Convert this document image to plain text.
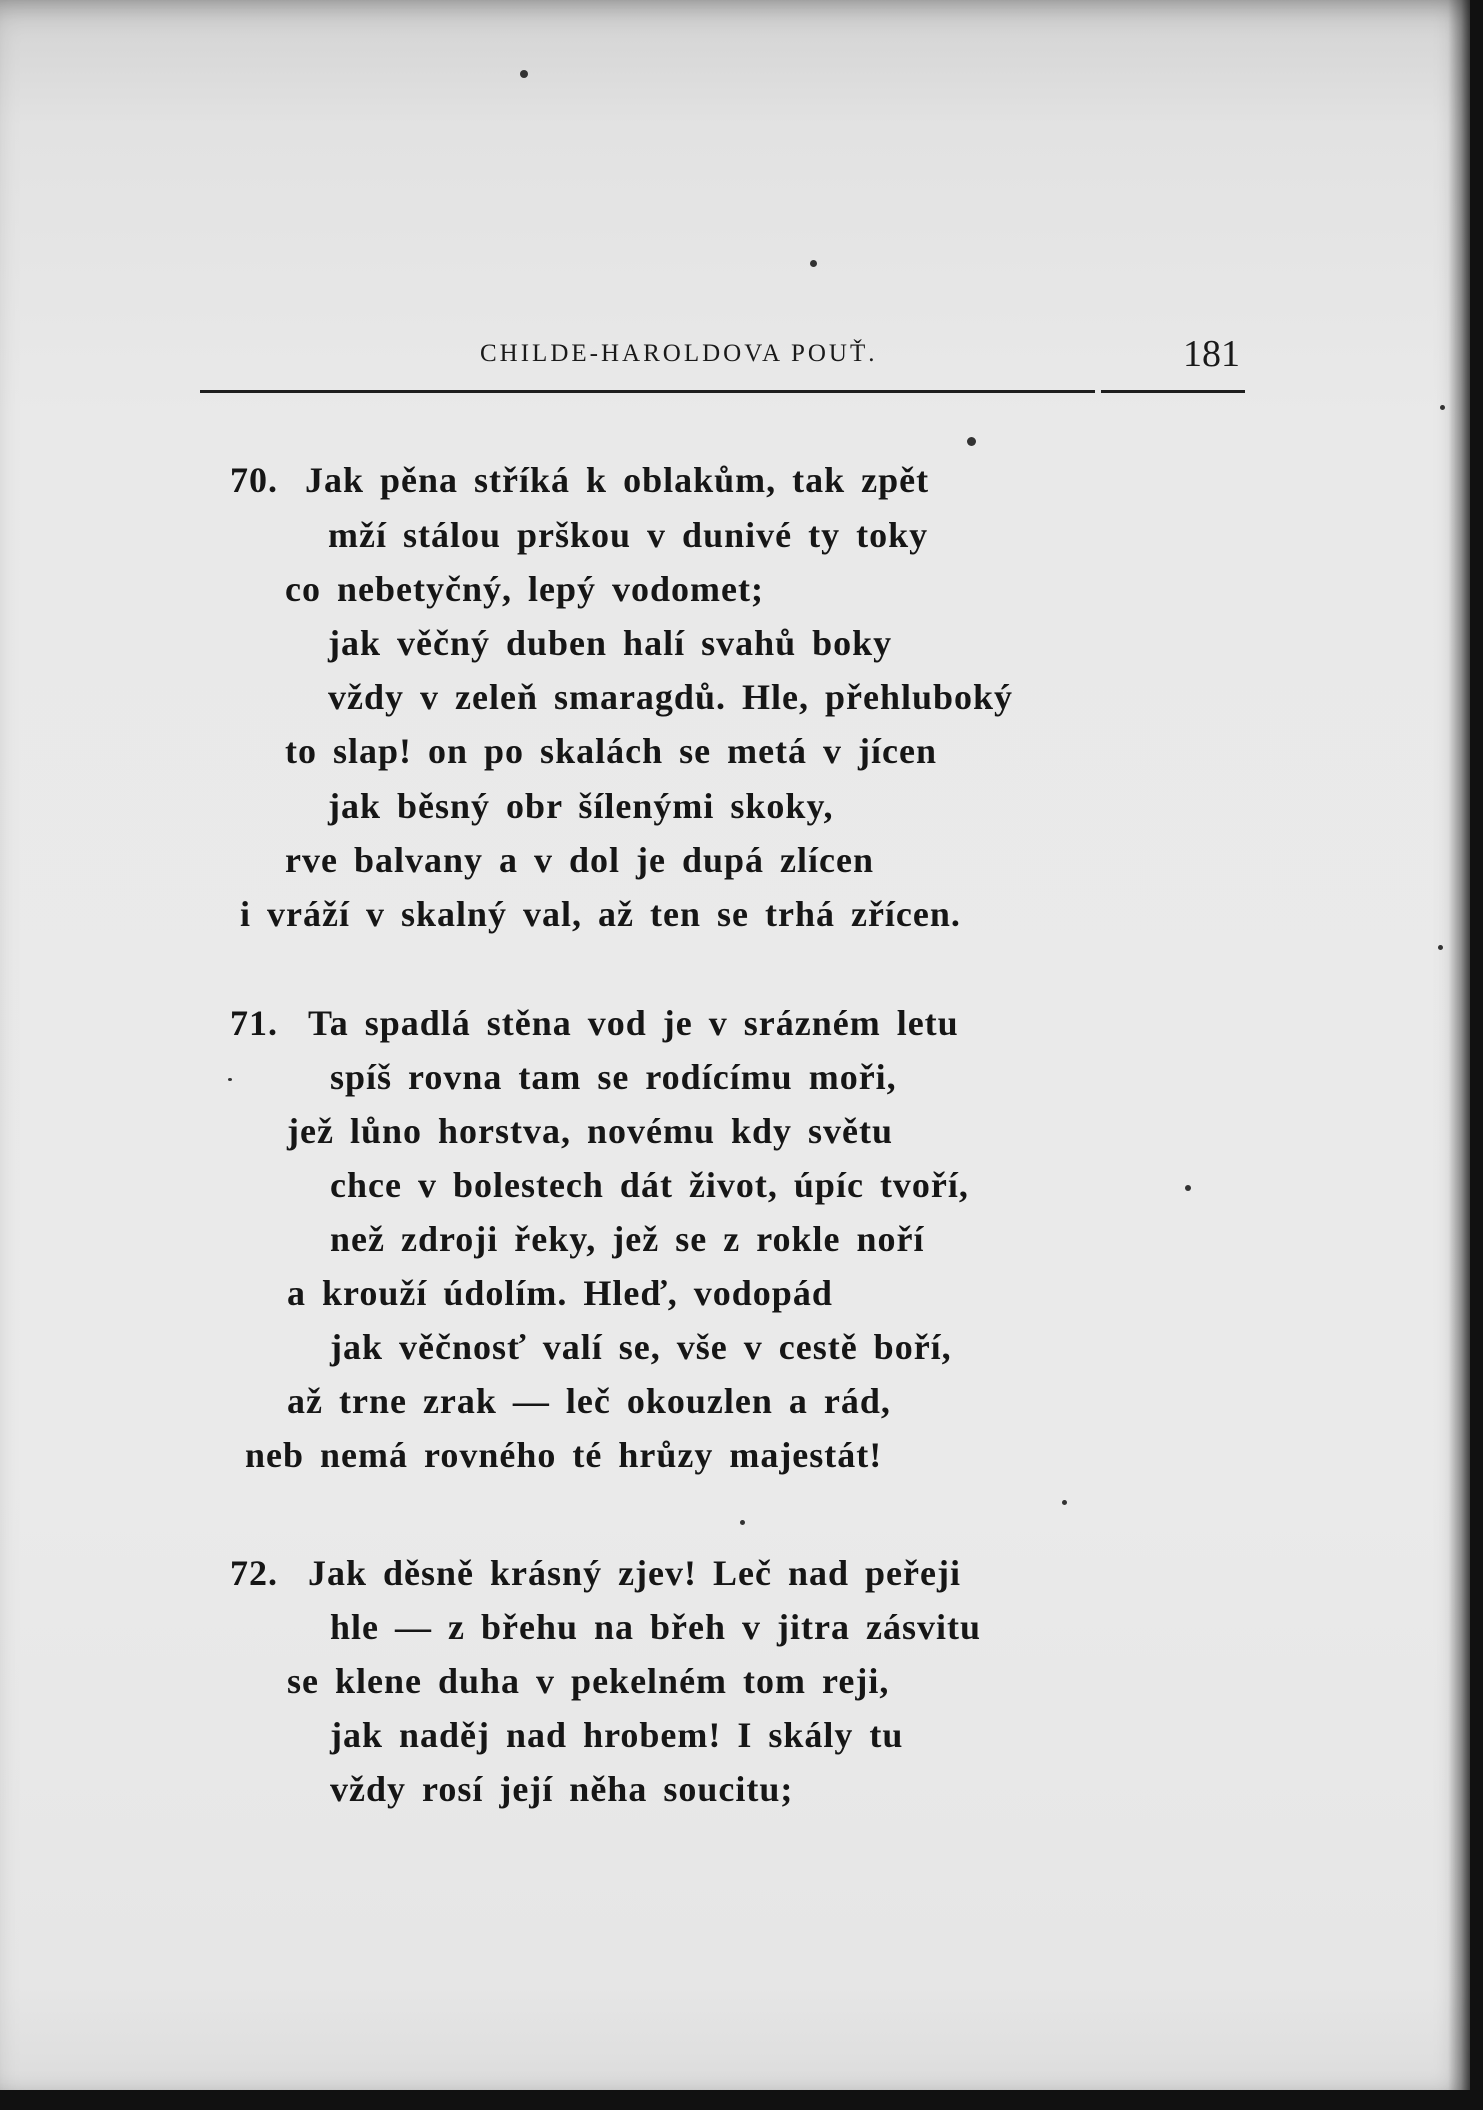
CHILDE-HAROLDOVA POUŤ.	181
70. Jak pěna stříká k oblakům, tak zpět
mží stálou prškou v dunivé ty toky
co nebetyčný, lepý vodomet;
jak věčný duben halí svahů boky
vždy v zeleň smaragdů. Hle, přehluboký
to slap! on po skalách se metá v jícen
jak běsný obr šílenými skoky,
rve balvany a v dol je dupá zlícen
i vráží v skalný val, až ten se trhá zřícen.
71. Ta spadlá stěna vod je v srázném letu
spíš rovna tam se rodícímu moři,
jež lůno horstva, novému kdy světu
chce v bolestech dát život, úpíc tvoří,
než zdroji řeky, jež se z rokle noří
a krouží údolím. Hleď, vodopád
jak věčnosť valí se, vše v cestě boří,
až trne zrak — leč okouzlen a rád,
neb nemá rovného té hrůzy majestát!
72. Jak děsně krásný zjev! Leč nad peřeji
hle — z břehu na břeh v jitra zásvitu
se klene duha v pekelném tom reji,
jak naděj nad hrobem! I skály tu
vždy rosí její něha soucitu;
